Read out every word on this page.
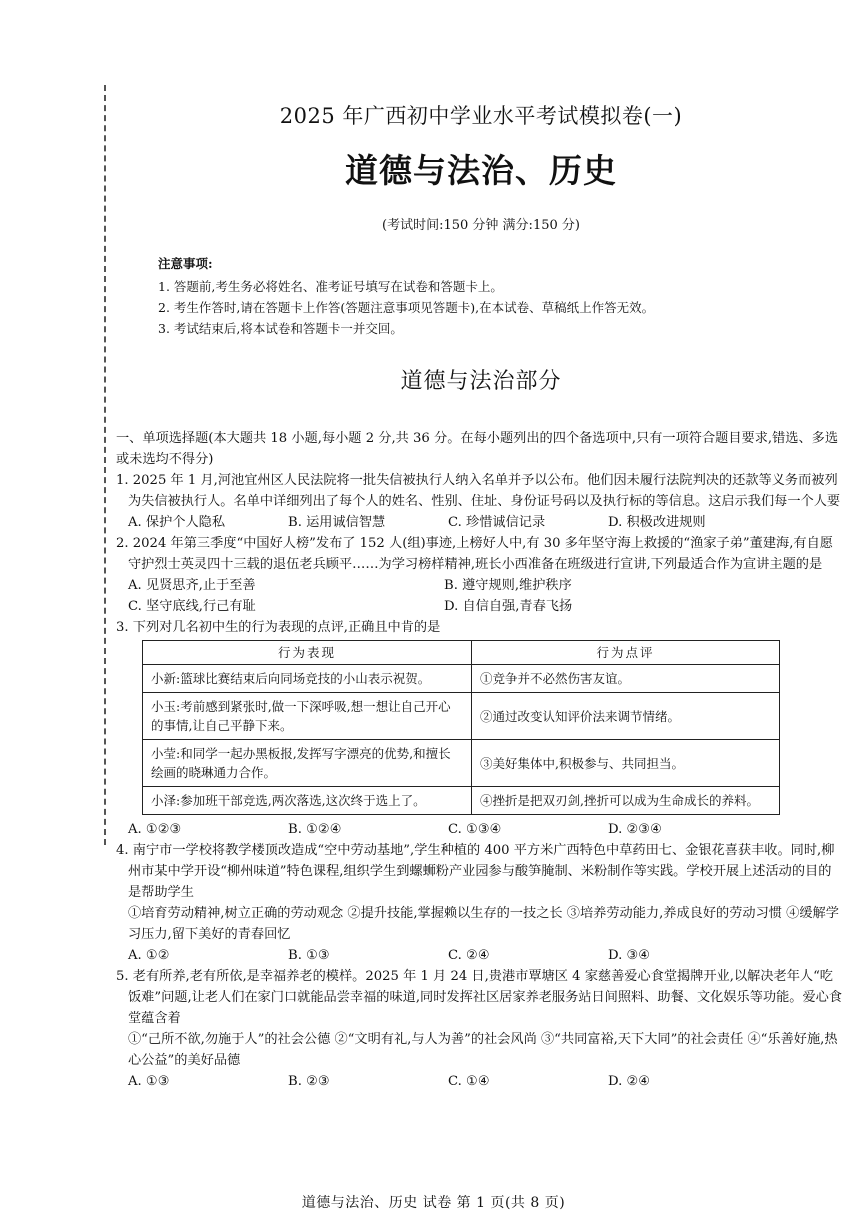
2025 年广西初中学业水平考试模拟卷(一)
道德与法治、历史
(考试时间:150 分钟 满分:150 分)
注意事项:
1. 答题前,考生务必将姓名、准考证号填写在试卷和答题卡上。
2. 考生作答时,请在答题卡上作答(答题注意事项见答题卡),在本试卷、草稿纸上作答无效。
3. 考试结束后,将本试卷和答题卡一并交回。
道德与法治部分

一、单项选择题(本大题共 18 小题,每小题 2 分,共 36 分。在每小题列出的四个备选项中,只有一项符合题目要求,错选、多选或未选均不得分)

1. 2025 年 1 月,河池宜州区人民法院将一批失信被执行人纳入名单并予以公布。他们因未履行法院判决的还款等义务而被列为失信被执行人。名单中详细列出了每个人的姓名、性别、住址、身份证号码以及执行标的等信息。这启示我们每一个人要

A. 保护个人隐私	B. 运用诚信智慧	C. 珍惜诚信记录	D. 积极改进规则

2. 2024 年第三季度“中国好人榜”发布了 152 人(组)事迹,上榜好人中,有 30 多年坚守海上救援的“渔家子弟”董建海,有自愿守护烈士英灵四十三载的退伍老兵顾平……为学习榜样精神,班长小西准备在班级进行宣讲,下列最适合作为宣讲主题的是

A. 见贤思齐,止于至善	B. 遵守规则,维护秩序
C. 坚守底线,行己有耻	D. 自信自强,青春飞扬

3. 下列对几名初中生的行为表现的点评,正确且中肯的是

行为表现	行为点评
小新:篮球比赛结束后向同场竞技的小山表示祝贺。	①竞争并不必然伤害友谊。
小玉:考前感到紧张时,做一下深呼吸,想一想让自己开心的事情,让自己平静下来。	②通过改变认知评价法来调节情绪。
小莹:和同学一起办黑板报,发挥写字漂亮的优势,和擅长绘画的晓琳通力合作。	③美好集体中,积极参与、共同担当。
小泽:参加班干部竞选,两次落选,这次终于选上了。	④挫折是把双刃剑,挫折可以成为生命成长的养料。
A. ①②③	B. ①②④	C. ①③④	D. ②③④

4. 南宁市一学校将教学楼顶改造成“空中劳动基地”,学生种植的 400 平方米广西特色中草药田七、金银花喜获丰收。同时,柳州市某中学开设“柳州味道”特色课程,组织学生到螺蛳粉产业园参与酸笋腌制、米粉制作等实践。学校开展上述活动的目的是帮助学生

①培育劳动精神,树立正确的劳动观念 ②提升技能,掌握赖以生存的一技之长 ③培养劳动能力,养成良好的劳动习惯 ④缓解学习压力,留下美好的青春回忆

A. ①②	B. ①③	C. ②④	D. ③④

5. 老有所养,老有所依,是幸福养老的模样。2025 年 1 月 24 日,贵港市覃塘区 4 家慈善爱心食堂揭牌开业,以解决老年人“吃饭难”问题,让老人们在家门口就能品尝幸福的味道,同时发挥社区居家养老服务站日间照料、助餐、文化娱乐等功能。爱心食堂蕴含着

①“己所不欲,勿施于人”的社会公德 ②“文明有礼,与人为善”的社会风尚 ③“共同富裕,天下大同”的社会责任 ④“乐善好施,热心公益”的美好品德

A. ①③	B. ②③	C. ①④	D. ②④
道德与法治、历史 试卷 第 1 页(共 8 页)
